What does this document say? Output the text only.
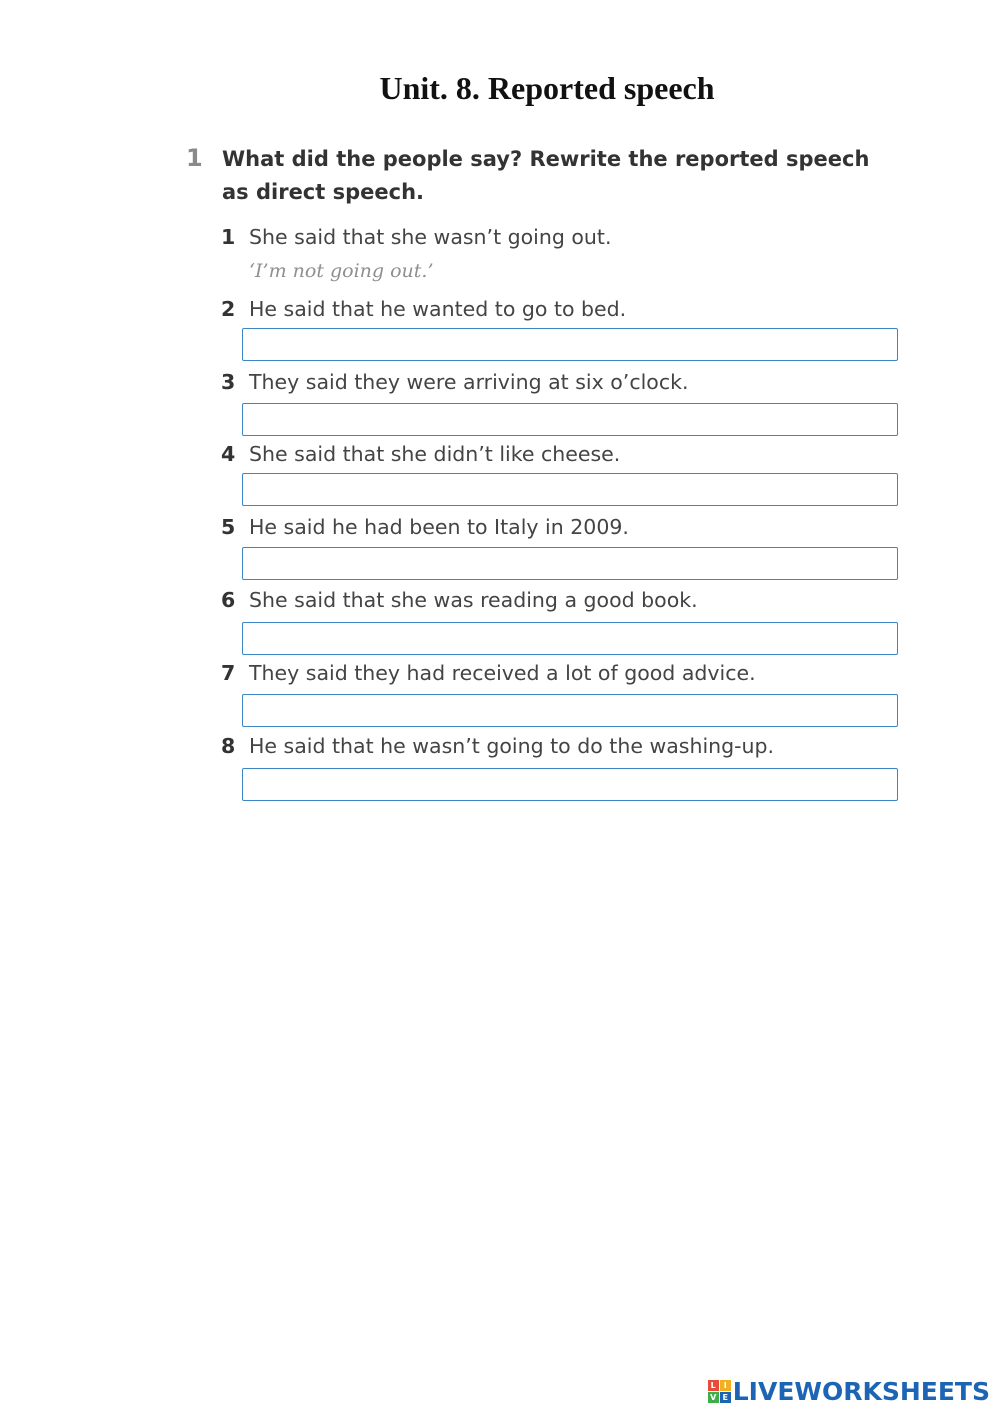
Unit. 8. Reported speech
1 What did the people say? Rewrite the reported speech as direct speech.
1 She said that she wasn’t going out.
‘I’m not going out.’
2 He said that he wanted to go to bed.
3 They said they were arriving at six o’clock.
4 She said that she didn’t like cheese.
5 He said he had been to Italy in 2009.
6 She said that she was reading a good book.
7 They said they had received a lot of good advice.
8 He said that he wasn’t going to do the washing-up.
L I
V E LIVEWORKSHEETS
